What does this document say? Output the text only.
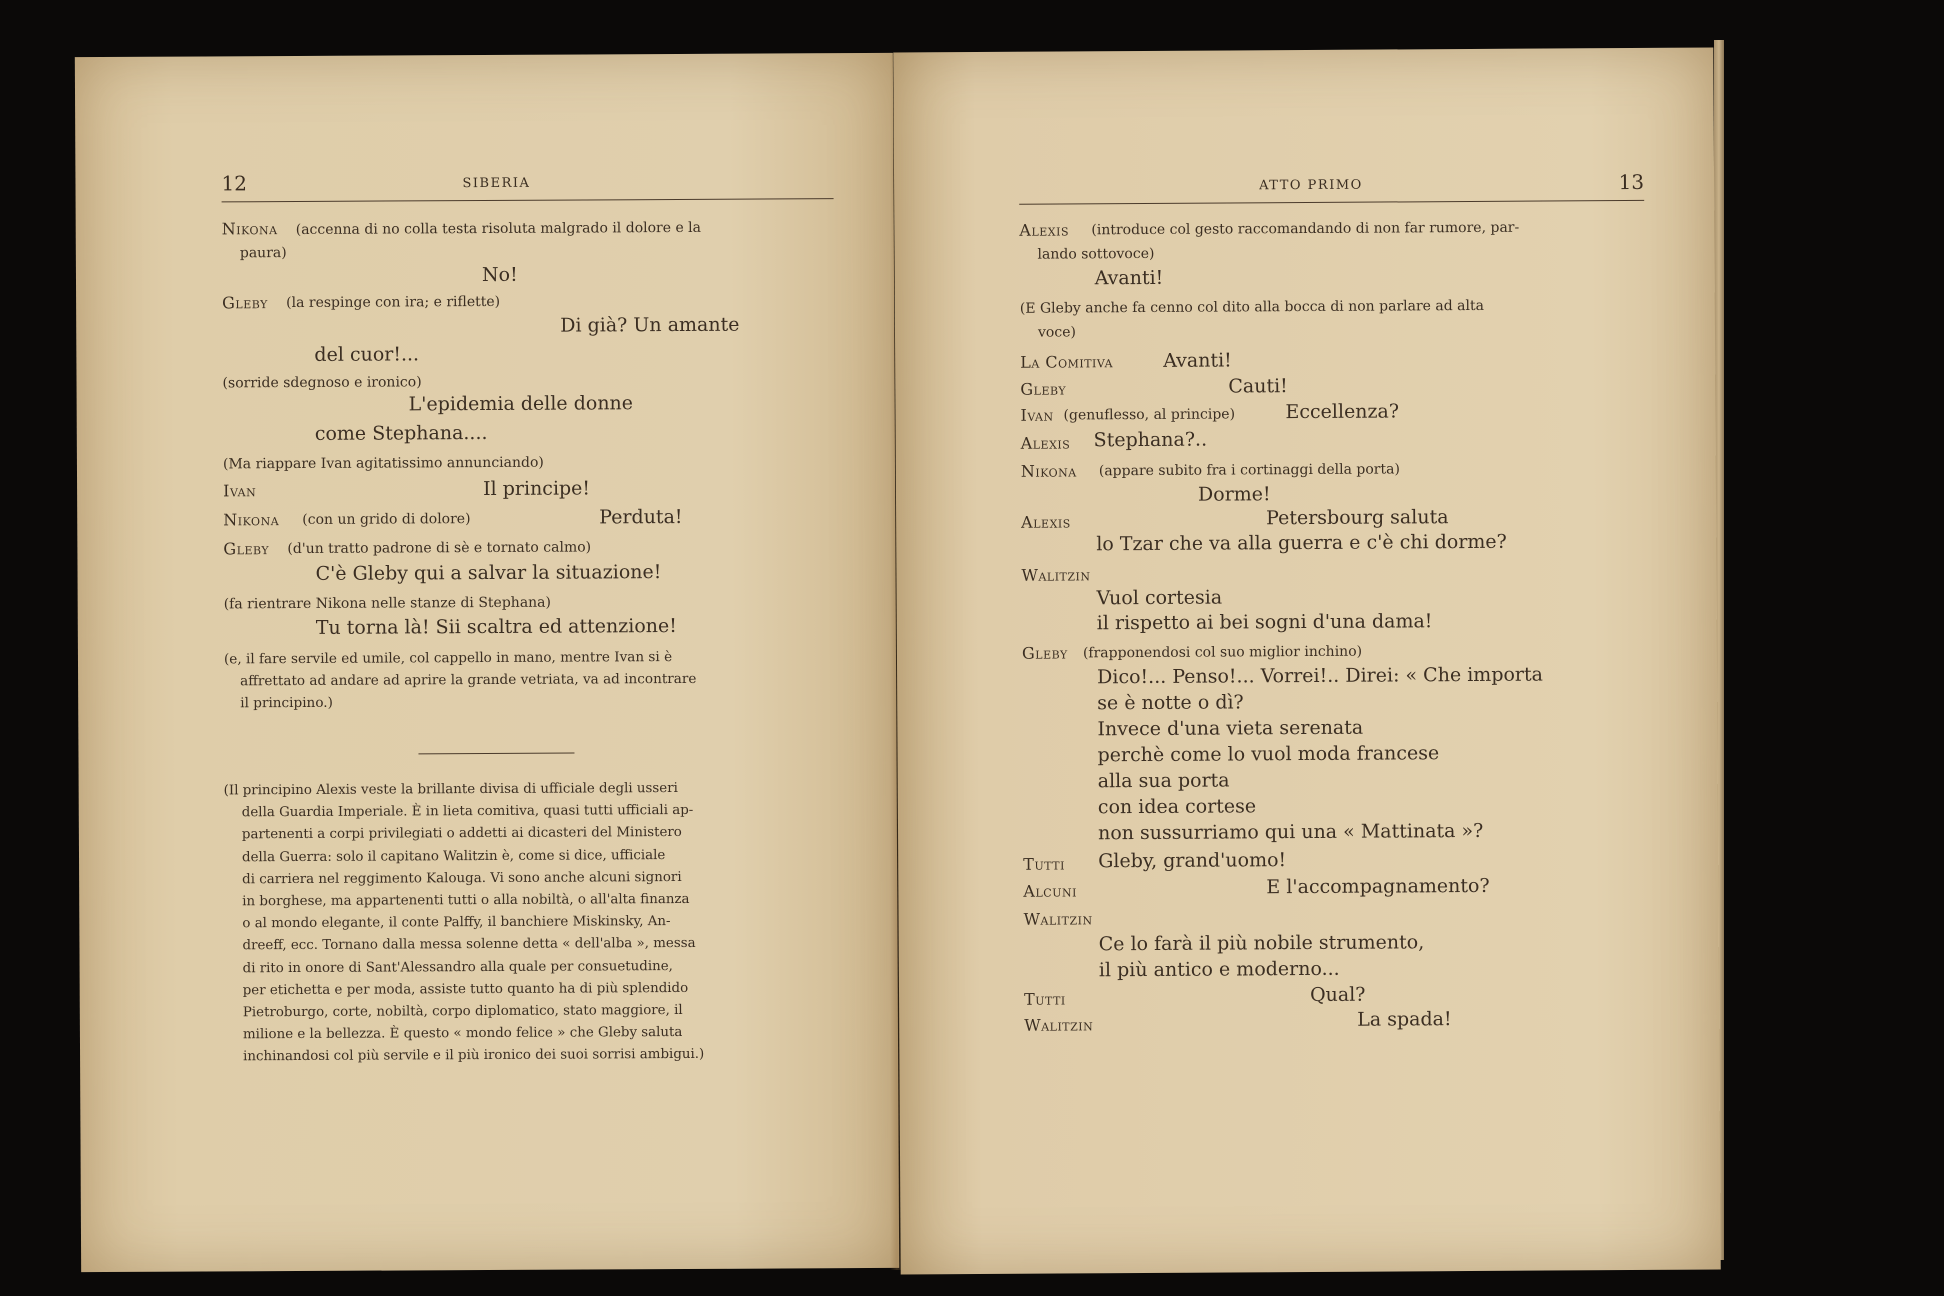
12	SIBERIA
Nikona (accenna di no colla testa risoluta malgrado il dolore e la
paura)
No!
Gleby (la respinge con ira; e riflette)
Di già? Un amante
del cuor!...
(sorride sdegnoso e ironico)
L'epidemia delle donne
come Stephana....
(Ma riappare Ivan agitatissimo annunciando)
Ivan	Il principe!
Nikona (con un grido di dolore)	Perduta!
Gleby (d'un tratto padrone di sè e tornato calmo)
C'è Gleby qui a salvar la situazione!
(fa rientrare Nikona nelle stanze di Stephana)
Tu torna là! Sii scaltra ed attenzione!
(e, il fare servile ed umile, col cappello in mano, mentre Ivan si è
affrettato ad andare ad aprire la grande vetriata, va ad incontrare
il principino.)
(Il principino Alexis veste la brillante divisa di ufficiale degli usseri
della Guardia Imperiale. È in lieta comitiva, quasi tutti ufficiali ap-
partenenti a corpi privilegiati o addetti ai dicasteri del Ministero
della Guerra: solo il capitano Walitzin è, come si dice, ufficiale
di carriera nel reggimento Kalouga. Vi sono anche alcuni signori
in borghese, ma appartenenti tutti o alla nobiltà, o all'alta finanza
o al mondo elegante, il conte Palffy, il banchiere Miskinsky, An-
dreeff, ecc. Tornano dalla messa solenne detta « dell'alba », messa
di rito in onore di Sant'Alessandro alla quale per consuetudine,
per etichetta e per moda, assiste tutto quanto ha di più splendido
Pietroburgo, corte, nobiltà, corpo diplomatico, stato maggiore, il
milione e la bellezza. È questo « mondo felice » che Gleby saluta
inchinandosi col più servile e il più ironico dei suoi sorrisi ambigui.)
ATTO PRIMO	13
Alexis (introduce col gesto raccomandando di non far rumore, par-
lando sottovoce)
Avanti!
(E Gleby anche fa cenno col dito alla bocca di non parlare ad alta
voce)
La Comitiva	Avanti!
Gleby	Cauti!
Ivan (genuflesso, al principe)	Eccellenza?
Alexis Stephana?..
Nikona (appare subito fra i cortinaggi della porta)
Dorme!
Alexis	Petersbourg saluta
lo Tzar che va alla guerra e c'è chi dorme?
Walitzin
Vuol cortesia
il rispetto ai bei sogni d'una dama!
Gleby (frapponendosi col suo miglior inchino)
Dico!... Penso!... Vorrei!.. Direi: « Che importa
se è notte o dì?
Invece d'una vieta serenata
perchè come lo vuol moda francese
alla sua porta
con idea cortese
non sussurriamo qui una « Mattinata »?
Tutti Gleby, grand'uomo!
Alcuni	E l'accompagnamento?
Walitzin
Ce lo farà il più nobile strumento,
il più antico e moderno...
Tutti	Qual?
Walitzin	La spada!
